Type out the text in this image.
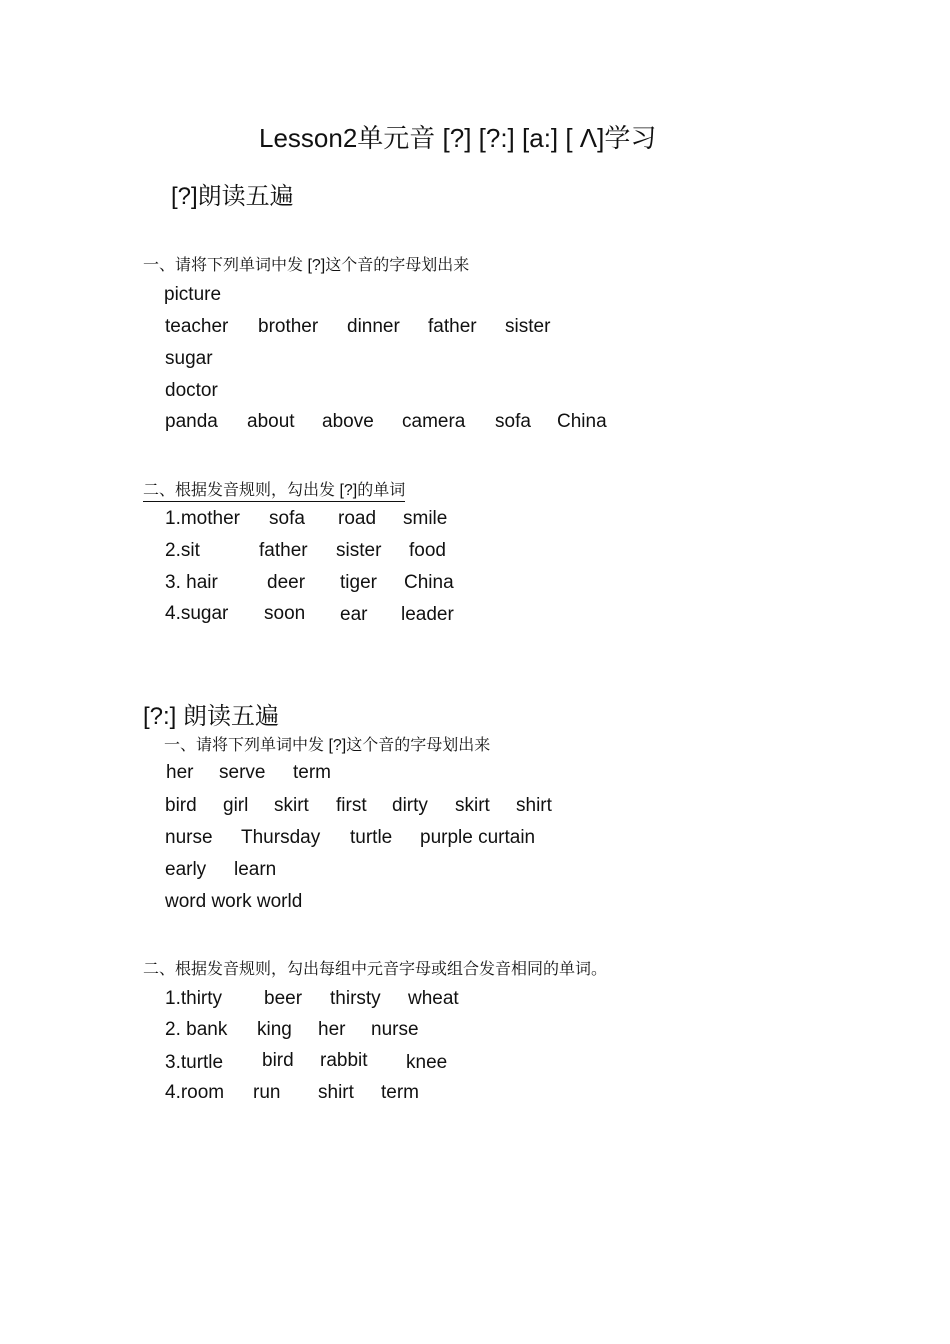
Lesson2单元音 [?] [?:] [a:] [ Λ]学习
[?]朗读五遍
一、请将下列单词中发 [?]这个音的字母划出来
picture
teacher brother dinner father sister
sugar
doctor
panda about above camera sofa China
二、根据发音规则，勾出发 [?]的单词
1.mother sofa road smile
2.sit	father sister food
3. hair	deer tiger China
4.sugar soon ear leader
[?:] 朗读五遍
一、请将下列单词中发 [?]这个音的字母划出来
her serve term
bird girl skirt first dirty skirt shirt
nurse Thursday turtle purple curtain
early learn
word work world
二、根据发音规则，勾出每组中元音字母或组合发音相同的单词。
1.thirty beer thirsty wheat
2. bank king her nurse
3.turtle bird rabbit knee
4.room run shirt term
